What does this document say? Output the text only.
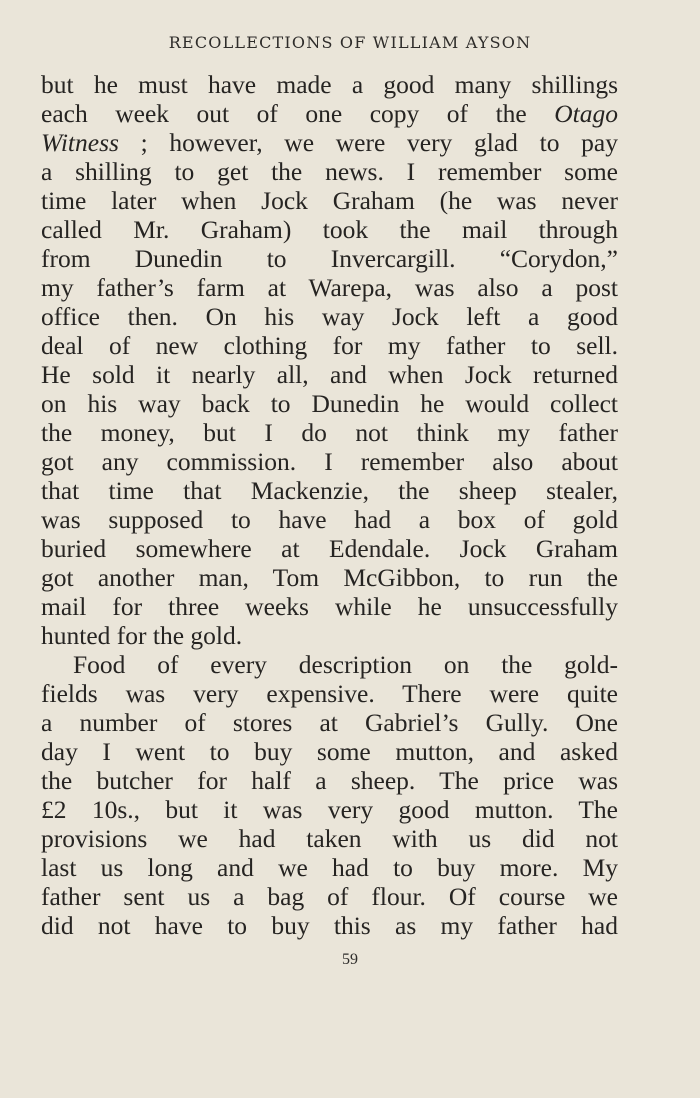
RECOLLECTIONS OF WILLIAM AYSON
but he must have made a good many shillings
each week out of one copy of the Otago
Witness ; however, we were very glad to pay
a shilling to get the news. I remember some
time later when Jock Graham (he was never
called Mr. Graham) took the mail through
from Dunedin to Invercargill. “Corydon,”
my father’s farm at Warepa, was also a post
office then. On his way Jock left a good
deal of new clothing for my father to sell.
He sold it nearly all, and when Jock returned
on his way back to Dunedin he would collect
the money, but I do not think my father
got any commission. I remember also about
that time that Mackenzie, the sheep stealer,
was supposed to have had a box of gold
buried somewhere at Edendale. Jock Graham
got another man, Tom McGibbon, to run the
mail for three weeks while he unsuccessfully
hunted for the gold.
Food of every description on the gold-
fields was very expensive. There were quite
a number of stores at Gabriel’s Gully. One
day I went to buy some mutton, and asked
the butcher for half a sheep. The price was
£2 10s., but it was very good mutton. The
provisions we had taken with us did not
last us long and we had to buy more. My
father sent us a bag of flour. Of course we
did not have to buy this as my father had
59
